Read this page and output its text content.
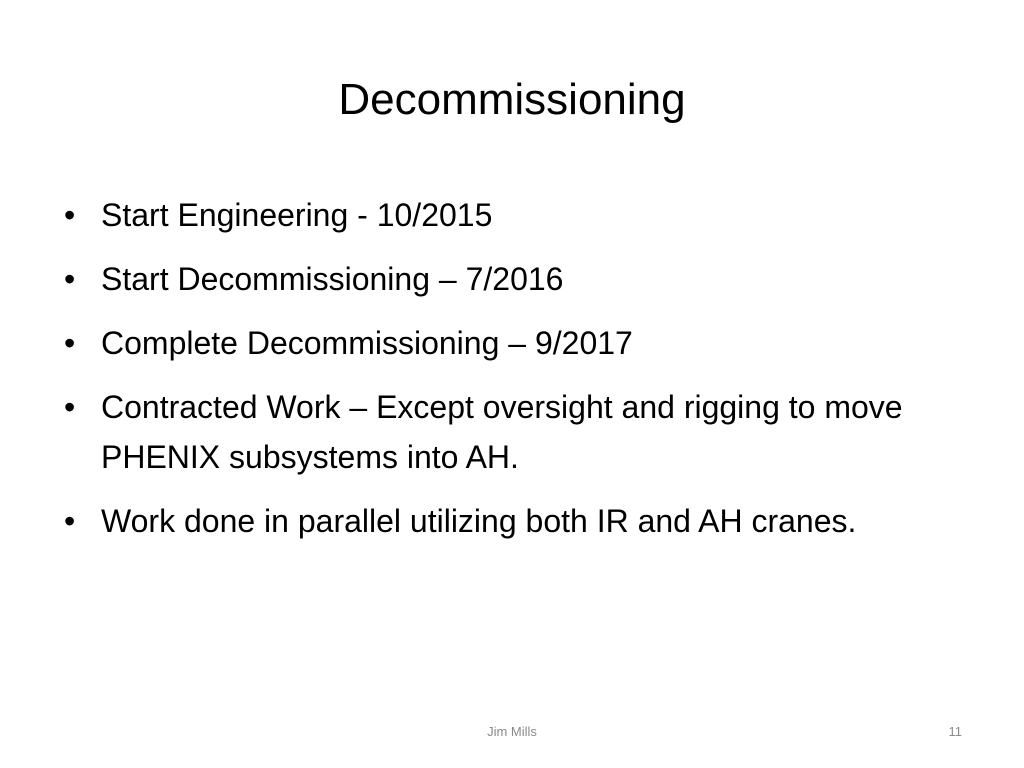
Decommissioning
•
Start Engineering - 10/2015
•
Start Decommissioning – 7/2016
•
Complete Decommissioning – 9/2017
•
Contracted Work – Except oversight and rigging to move PHENIX subsystems into AH.
•
Work done in parallel utilizing both IR and AH cranes.
Jim Mills	11
